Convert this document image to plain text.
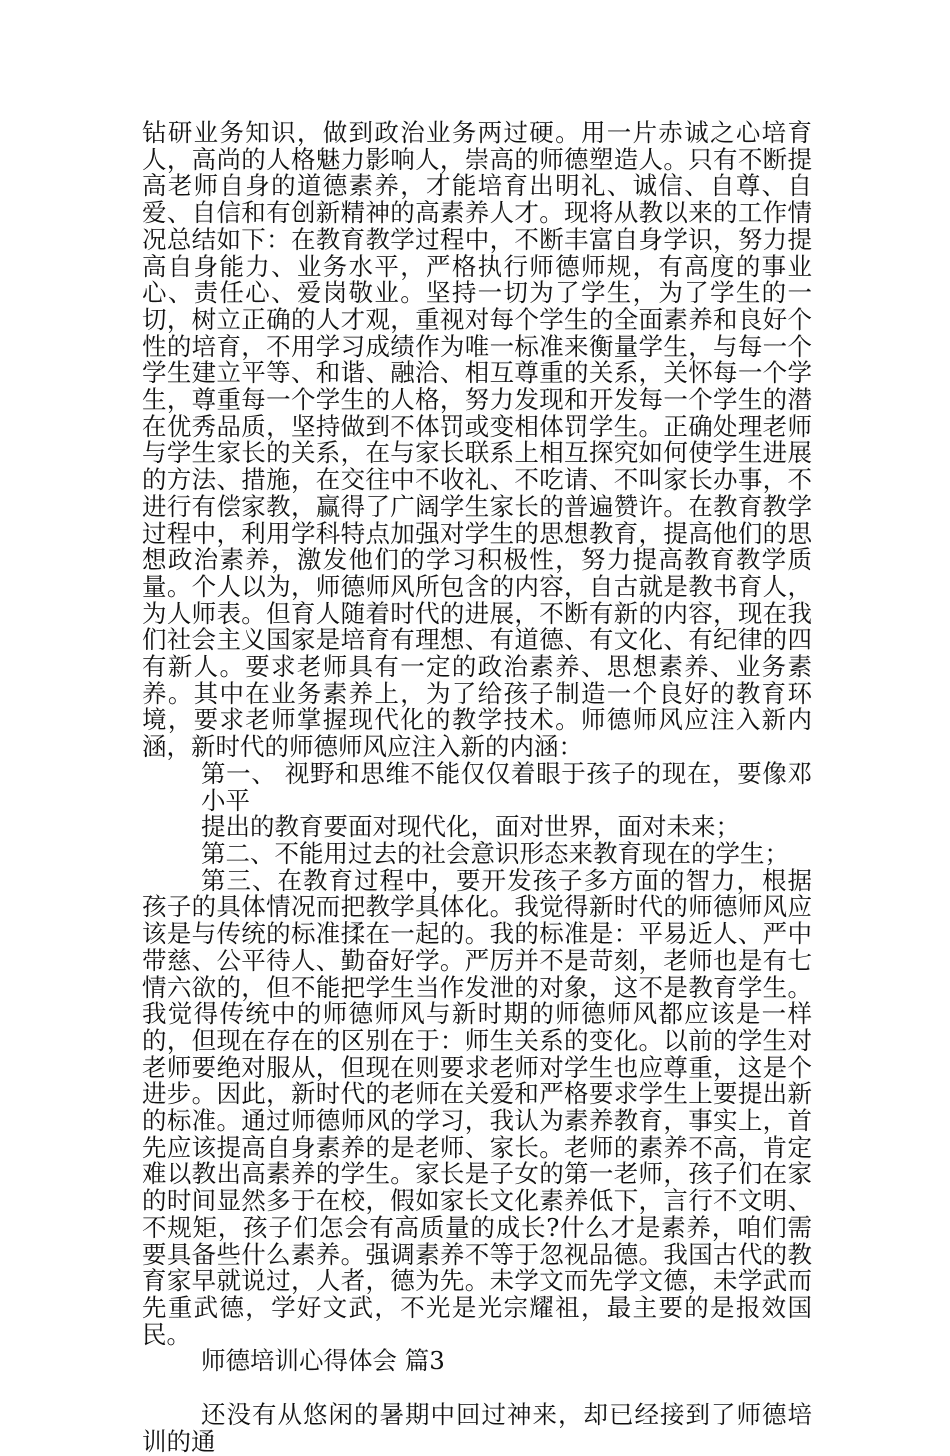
钻研业务知识，做到政治业务两过硬。用一片赤诚之心培育人，高尚的人格魅力影响人，崇高的师德塑造人。只有不断提高老师自身的道德素养，才能培育出明礼、诚信、自尊、自爱、自信和有创新精神的高素养人才。现将从教以来的工作情况总结如下：在教育教学过程中，不断丰富自身学识，努力提高自身能力、业务水平，严格执行师德师规，有高度的事业心、责任心、爱岗敬业。坚持一切为了学生，为了学生的一切，树立正确的人才观，重视对每个学生的全面素养和良好个性的培育，不用学习成绩作为唯一标准来衡量学生，与每一个学生建立平等、和谐、融洽、相互尊重的关系，关怀每一个学生，尊重每一个学生的人格，努力发现和开发每一个学生的潜在优秀品质，坚持做到不体罚或变相体罚学生。正确处理老师与学生家长的关系，在与家长联系上相互探究如何使学生进展的方法、措施，在交往中不收礼、不吃请、不叫家长办事，不进行有偿家教，赢得了广阔学生家长的普遍赞许。在教育教学过程中，利用学科特点加强对学生的思想教育，提高他们的思想政治素养，激发他们的学习积极性，努力提高教育教学质量。个人以为，师德师风所包含的内容，自古就是教书育人，为人师表。但育人随着时代的进展，不断有新的内容，现在我们社会主义国家是培育有理想、有道德、有文化、有纪律的四有新人。要求老师具有一定的政治素养、思想素养、业务素养。其中在业务素养上，为了给孩子制造一个良好的教育环境，要求老师掌握现代化的教学技术。师德师风应注入新内涵，新时代的师德师风应注入新的内涵：

第一、 视野和思维不能仅仅着眼于孩子的现在，要像邓小平
提出的教育要面对现代化，面对世界，面对未来；

第二、不能用过去的社会意识形态来教育现在的学生；

第三、在教育过程中，要开发孩子多方面的智力，根据孩子的具体情况而把教学具体化。我觉得新时代的师德师风应该是与传统的标准揉在一起的。我的标准是：平易近人、严中带慈、公平待人、勤奋好学。严厉并不是苛刻，老师也是有七情六欲的，但不能把学生当作发泄的对象，这不是教育学生。我觉得传统中的师德师风与新时期的师德师风都应该是一样的，但现在存在的区别在于：师生关系的变化。以前的学生对老师要绝对服从，但现在则要求老师对学生也应尊重，这是个进步。因此，新时代的老师在关爱和严格要求学生上要提出新的标准。通过师德师风的学习，我认为素养教育，事实上，首先应该提高自身素养的是老师、家长。老师的素养不高，肯定难以教出高素养的学生。家长是子女的第一老师，孩子们在家的时间显然多于在校，假如家长文化素养低下，言行不文明、不规矩，孩子们怎会有高质量的成长?什么才是素养，咱们需要具备些什么素养。强调素养不等于忽视品德。我国古代的教育家早就说过，人者，德为先。未学文而先学文德，未学武而先重武德，学好文武，不光是光宗耀祖，最主要的是报效国民。

师德培训心得体会 篇3

还没有从悠闲的暑期中回过神来，却已经接到了师德培训的通
